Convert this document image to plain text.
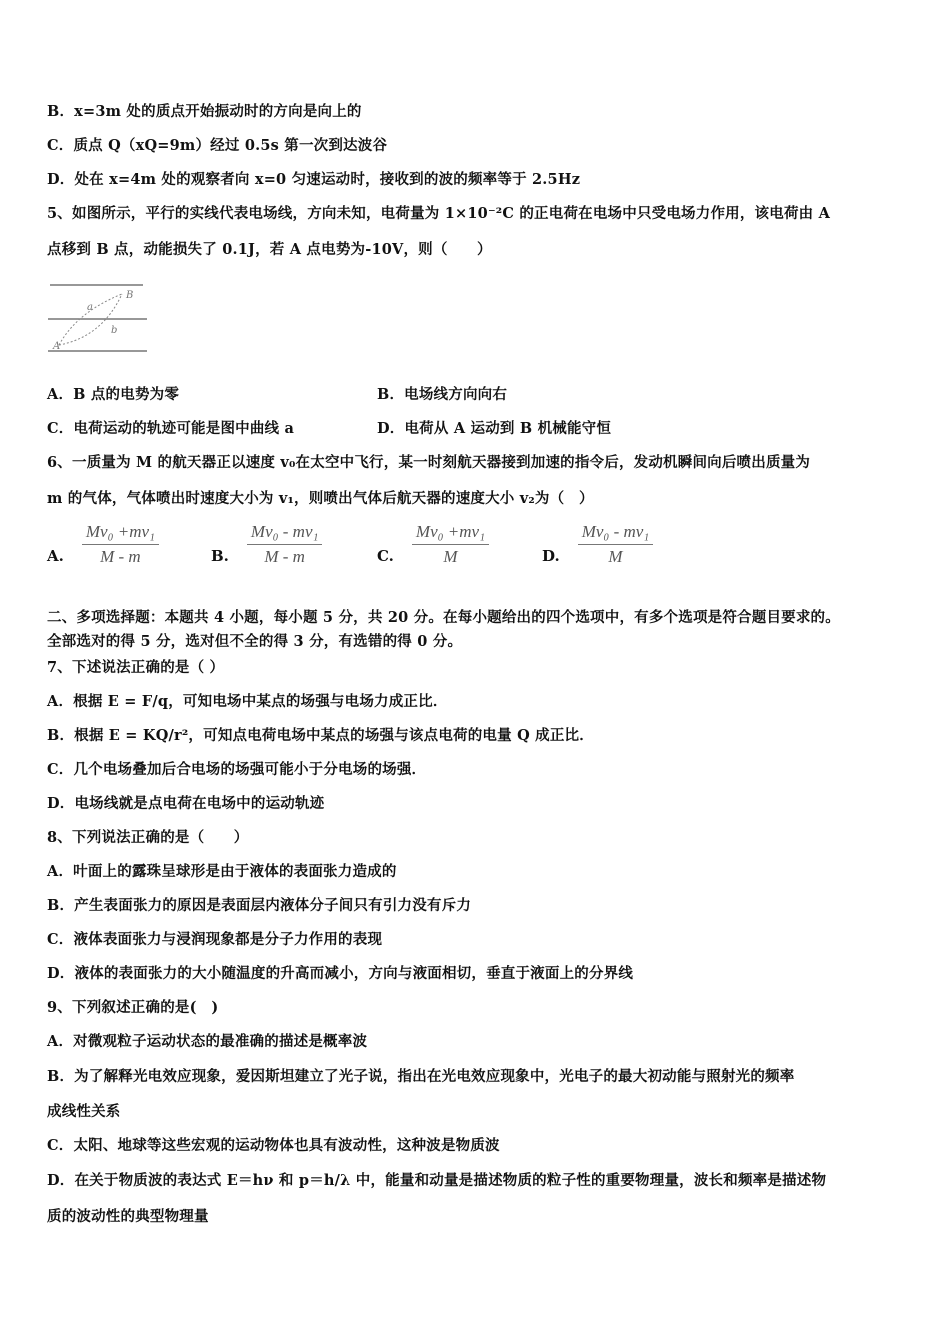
B．x=3m 处的质点开始振动时的方向是向上的
C．质点 Q（xQ=9m）经过 0.5s 第一次到达波谷
D．处在 x=4m 处的观察者向 x=0 匀速运动时，接收到的波的频率等于 2.5Hz
5、如图所示，平行的实线代表电场线，方向未知，电荷量为 1×10⁻²C 的正电荷在电场中只受电场力作用，该电荷由 A
点移到 B 点，动能损失了 0.1J，若 A 点电势为-10V，则（　　）
a
b
A
B
A．B 点的电势为零	B．电场线方向向右
C．电荷运动的轨迹可能是图中曲线 a	D．电荷从 A 运动到 B 机械能守恒
6、一质量为 M 的航天器正以速度 v₀在太空中飞行，某一时刻航天器接到加速的指令后，发动机瞬间向后喷出质量为
m 的气体，气体喷出时速度大小为 v₁，则喷出气体后航天器的速度大小 v₂为（　）
A. $\frac{\text{Mv₀ +mv₁}}{M - m}$	B. $\frac{\text{Mv₀ - mv₁}}{M - m}$	C. $\frac{\text{Mv₀ +mv₁}}{M}$	D. $\frac{\text{Mv₀ - mv₁}}{M}$
二、多项选择题：本题共 4 小题，每小题 5 分，共 20 分。在每小题给出的四个选项中，有多个选项是符合题目要求的。
全部选对的得 5 分，选对但不全的得 3 分，有选错的得 0 分。
7、下述说法正确的是（ ）
A．根据 E = F/q，可知电场中某点的场强与电场力成正比．
B．根据 E = KQ/r²，可知点电荷电场中某点的场强与该点电荷的电量 Q 成正比．
C．几个电场叠加后合电场的场强可能小于分电场的场强．
D．电场线就是点电荷在电场中的运动轨迹
8、下列说法正确的是（　　）
A．叶面上的露珠呈球形是由于液体的表面张力造成的
B．产生表面张力的原因是表面层内液体分子间只有引力没有斥力
C．液体表面张力与浸润现象都是分子力作用的表现
D．液体的表面张力的大小随温度的升高而减小，方向与液面相切，垂直于液面上的分界线
9、下列叙述正确的是(　)
A．对微观粒子运动状态的最准确的描述是概率波
B．为了解释光电效应现象，爱因斯坦建立了光子说，指出在光电效应现象中，光电子的最大初动能与照射光的频率
成线性关系
C．太阳、地球等这些宏观的运动物体也具有波动性，这种波是物质波
D．在关于物质波的表达式 E＝hν 和 p＝h/λ 中，能量和动量是描述物质的粒子性的重要物理量，波长和频率是描述物
质的波动性的典型物理量
